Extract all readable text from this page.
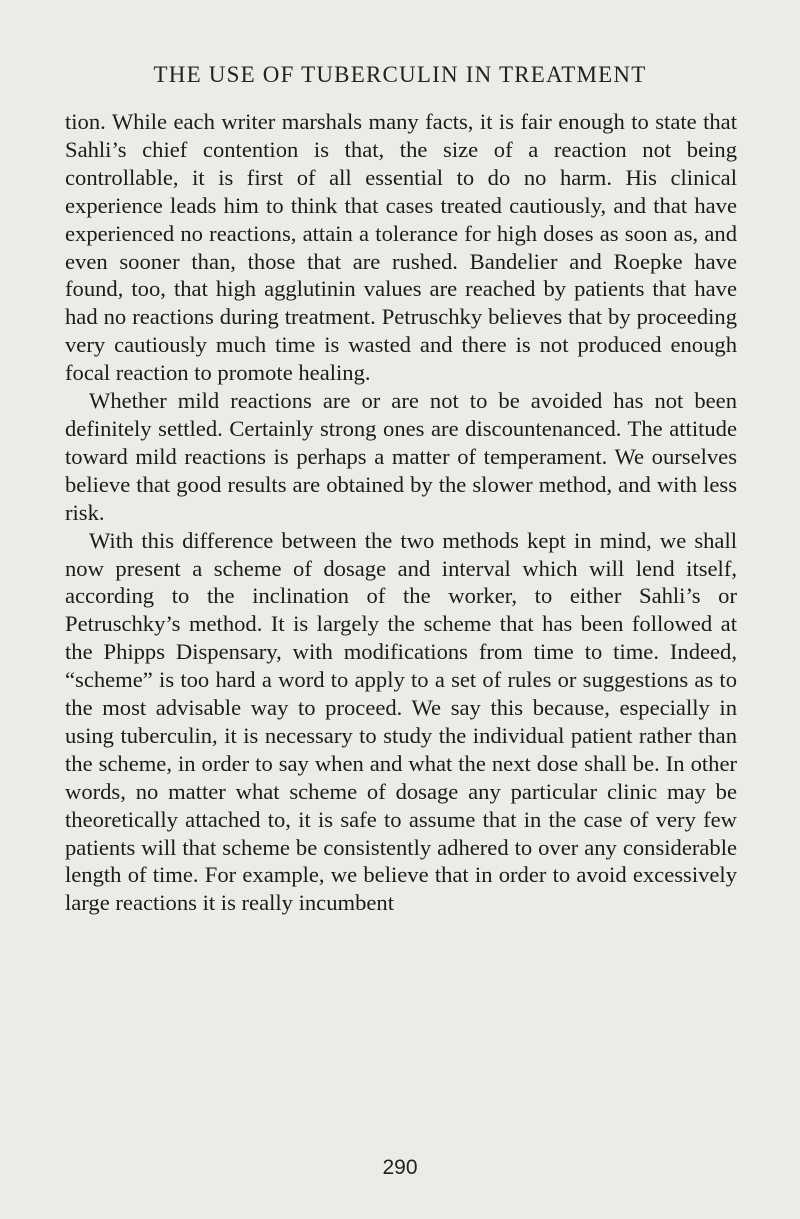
THE USE OF TUBERCULIN IN TREATMENT

tion. While each writer marshals many facts, it is fair enough to state that Sahli’s chief contention is that, the size of a reaction not being controllable, it is first of all essential to do no harm. His clinical experience leads him to think that cases treated cautiously, and that have experienced no reactions, attain a tolerance for high doses as soon as, and even sooner than, those that are rushed. Bandelier and Roepke have found, too, that high agglutinin values are reached by patients that have had no reactions during treatment. Petruschky believes that by proceeding very cautiously much time is wasted and there is not produced enough focal reaction to promote healing.

Whether mild reactions are or are not to be avoided has not been definitely settled. Certainly strong ones are discountenanced. The attitude toward mild reactions is perhaps a matter of temperament. We ourselves believe that good results are obtained by the slower method, and with less risk.

With this difference between the two methods kept in mind, we shall now present a scheme of dosage and interval which will lend itself, according to the inclination of the worker, to either Sahli’s or Petruschky’s method. It is largely the scheme that has been followed at the Phipps Dispensary, with modifications from time to time. Indeed, “scheme” is too hard a word to apply to a set of rules or suggestions as to the most advisable way to proceed. We say this because, especially in using tuberculin, it is necessary to study the individual patient rather than the scheme, in order to say when and what the next dose shall be. In other words, no matter what scheme of dosage any particular clinic may be theoretically attached to, it is safe to assume that in the case of very few patients will that scheme be consistently adhered to over any considerable length of time. For example, we believe that in order to avoid excessively large reactions it is really incumbent

290
